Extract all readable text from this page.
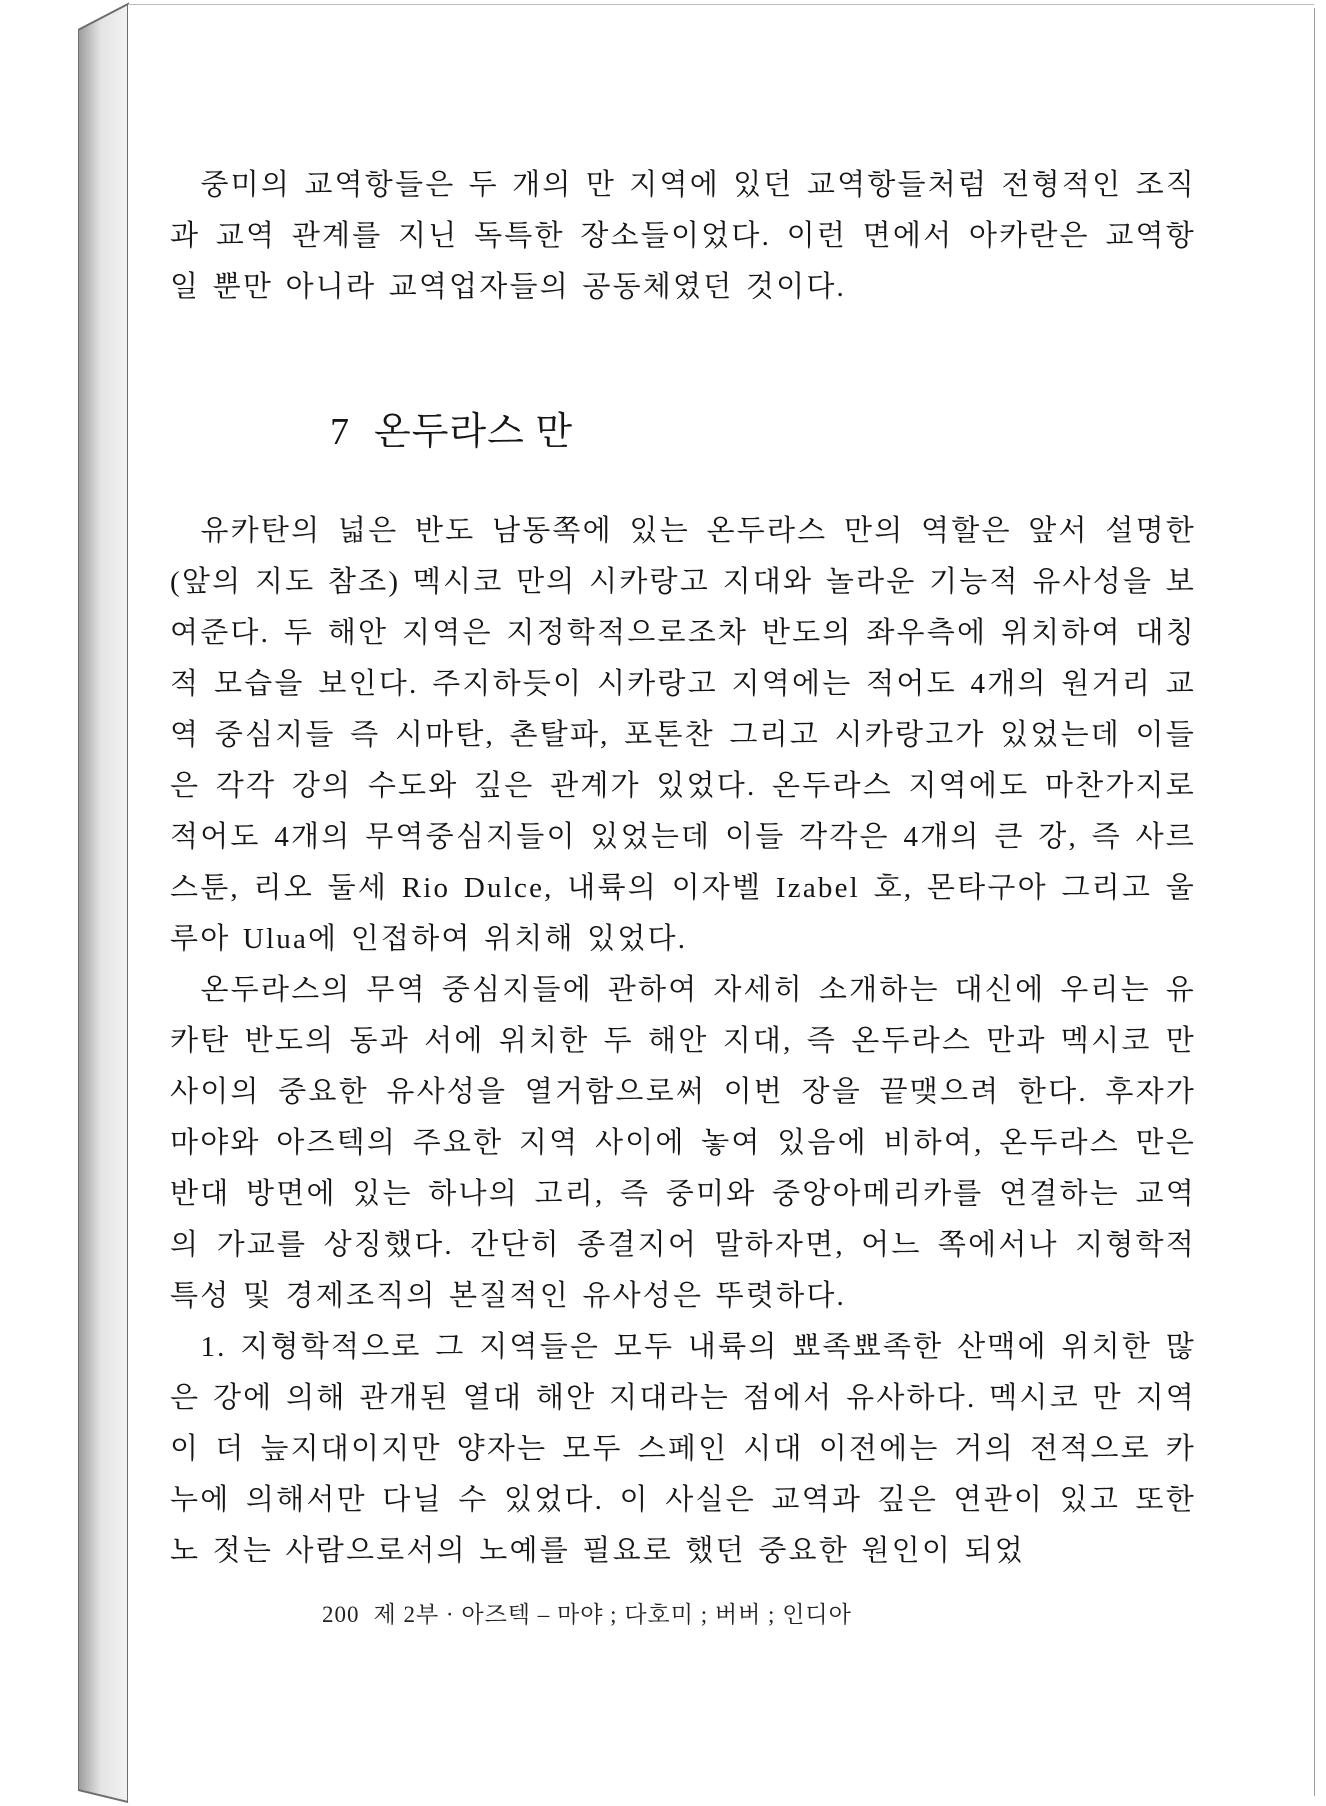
중미의 교역항들은 두 개의 만 지역에 있던 교역항들처럼 전형적인 조직과 교역 관계를 지닌 독특한 장소들이었다. 이런 면에서 아카란은 교역항일 뿐만 아니라 교역업자들의 공동체였던 것이다.

7 온두라스 만

유카탄의 넓은 반도 남동쪽에 있는 온두라스 만의 역할은 앞서 설명한(앞의 지도 참조) 멕시코 만의 시카랑고 지대와 놀라운 기능적 유사성을 보여준다. 두 해안 지역은 지정학적으로조차 반도의 좌우측에 위치하여 대칭적 모습을 보인다. 주지하듯이 시카랑고 지역에는 적어도 4개의 원거리 교역 중심지들 즉 시마탄, 촌탈파, 포톤찬 그리고 시카랑고가 있었는데 이들은 각각 강의 수도와 깊은 관계가 있었다. 온두라스 지역에도 마찬가지로 적어도 4개의 무역중심지들이 있었는데 이들 각각은 4개의 큰 강, 즉 사르스툰, 리오 둘세 Rio Dulce, 내륙의 이자벨 Izabel 호, 몬타구아 그리고 울루아 Ulua에 인접하여 위치해 있었다.

온두라스의 무역 중심지들에 관하여 자세히 소개하는 대신에 우리는 유카탄 반도의 동과 서에 위치한 두 해안 지대, 즉 온두라스 만과 멕시코 만 사이의 중요한 유사성을 열거함으로써 이번 장을 끝맺으려 한다. 후자가 마야와 아즈텍의 주요한 지역 사이에 놓여 있음에 비하여, 온두라스 만은 반대 방면에 있는 하나의 고리, 즉 중미와 중앙아메리카를 연결하는 교역의 가교를 상징했다. 간단히 종결지어 말하자면, 어느 쪽에서나 지형학적 특성 및 경제조직의 본질적인 유사성은 뚜렷하다.

1. 지형학적으로 그 지역들은 모두 내륙의 뾰족뾰족한 산맥에 위치한 많은 강에 의해 관개된 열대 해안 지대라는 점에서 유사하다. 멕시코 만 지역이 더 늪지대이지만 양자는 모두 스페인 시대 이전에는 거의 전적으로 카누에 의해서만 다닐 수 있었다. 이 사실은 교역과 깊은 연관이 있고 또한 노 젓는 사람으로서의 노예를 필요로 했던 중요한 원인이 되었

200 제 2부 · 아즈텍 – 마야 ; 다호미 ; 버버 ; 인디아
